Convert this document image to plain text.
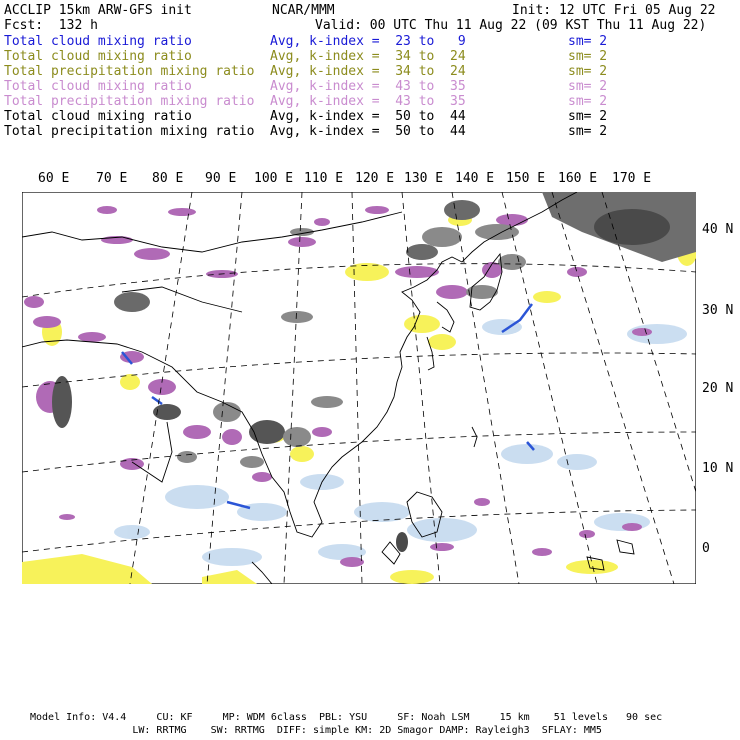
ACCLIP 15km ARW-GFS init	NCAR/MMM	Init: 12 UTC Fri 05 Aug 22
Fcst:  132 h	Valid: 00 UTC Thu 11 Aug 22 (09 KST Thu 11 Aug 22)
Total cloud mixing ratio	Avg, k-index =  23 to   9	sm= 2
Total cloud mixing ratio	Avg, k-index =  34 to  24	sm= 2
Total precipitation mixing ratio Avg, k-index =  34 to  24	sm= 2
Total cloud mixing ratio	Avg, k-index =  43 to  35	sm= 2
Total precipitation mixing ratio Avg, k-index =  43 to  35	sm= 2
Total cloud mixing ratio	Avg, k-index =  50 to  44	sm= 2
Total precipitation mixing ratio Avg, k-index =  50 to  44	sm= 2
60 E 70 E 80 E 90 E 100 E 110 E 120 E 130 E 140 E 150 E 160 E 170 E
40 N
30 N
20 N
10 N
0
Model Info: V4.4     CU: KF     MP: WDM 6class  PBL: YSU     SF: Noah LSM     15 km    51 levels   90 sec
LW: RRTMG    SW: RRTMG  DIFF: simple KM: 2D Smagor DAMP: Rayleigh3  SFLAY: MM5
